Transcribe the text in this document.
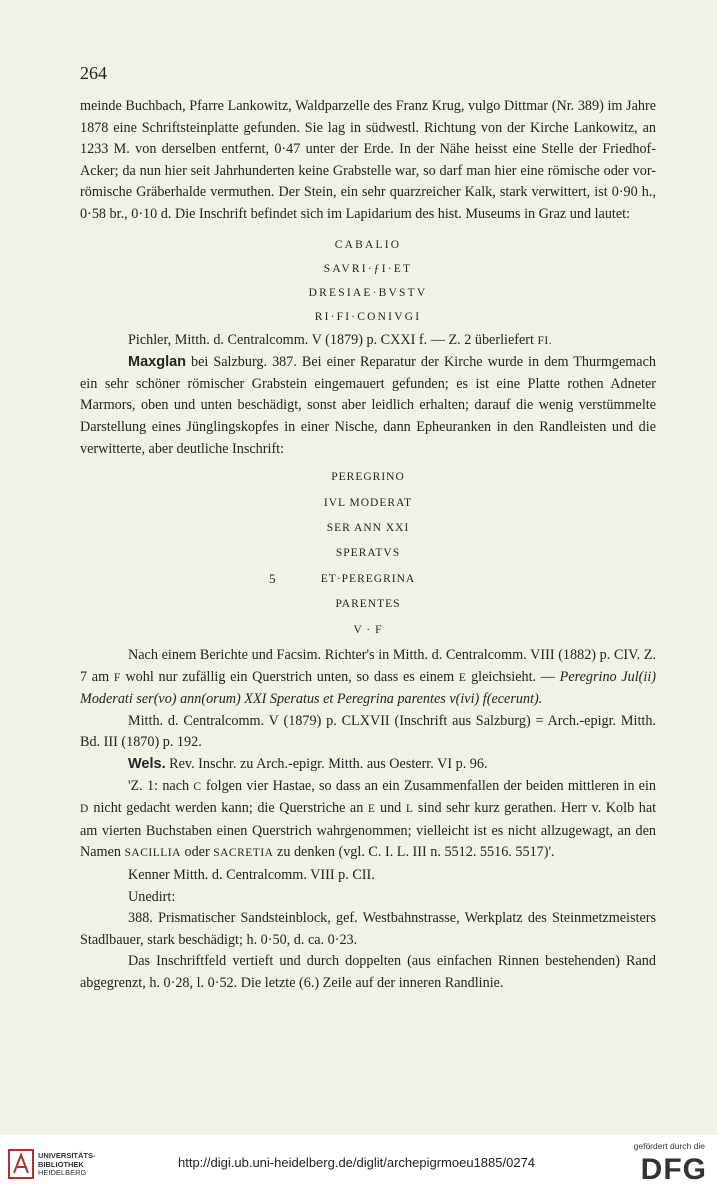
264

meinde Buchbach, Pfarre Lankowitz, Waldparzelle des Franz Krug, vulgo Dittmar (Nr. 389) im Jahre 1878 eine Schriftsteinplatte gefunden. Sie lag in südwestl. Richtung von der Kirche Lankowitz, an 1233 M. von derselben entfernt, 0·47 unter der Erde. In der Nähe heisst eine Stelle der Friedhof-Acker; da nun hier seit Jahrhunderten keine Grabstelle war, so darf man hier eine römische oder vor-römische Gräberhalde vermuthen. Der Stein, ein sehr quarzreicher Kalk, stark verwittert, ist 0·90 h., 0·58 br., 0·10 d. Die Inschrift befindet sich im Lapidarium des hist. Museums in Graz und lautet:

CABALIO
SAVRI·ƒI·ET
DRESIAE·BVSTV
RI·FI·CONIVGI

Pichler, Mitth. d. Centralcomm. V (1879) p. CXXI f. — Z. 2 überliefert FI.

Maxglan bei Salzburg. 387. Bei einer Reparatur der Kirche wurde in dem Thurmgemach ein sehr schöner römischer Grabstein eingemauert gefunden; es ist eine Platte rothen Adneter Marmors, oben und unten beschädigt, sonst aber leidlich erhalten; darauf die wenig verstümmelte Darstellung eines Jünglingskopfes in einer Nische, dann Epheuranken in den Randleisten und die verwitterte, aber deutliche Inschrift:

PEREGRINO
IVL MODERAT
SER ANN XXI
SPERATVS
5	ET·PEREGRINA
PARENTES
V · F

Nach einem Berichte und Facsim. Richter's in Mitth. d. Centralcomm. VIII (1882) p. CIV. Z. 7 am F wohl nur zufällig ein Querstrich unten, so dass es einem E gleichsieht. — Peregrino Jul(ii) Moderati ser(vo) ann(orum) XXI Speratus et Peregrina parentes v(ivi) f(ecerunt).

Mitth. d. Centralcomm. V (1879) p. CLXVII (Inschrift aus Salzburg) = Arch.-epigr. Mitth. Bd. III (1870) p. 192.

Wels. Rev. Inschr. zu Arch.-epigr. Mitth. aus Oesterr. VI p. 96.

'Z. 1: nach C folgen vier Hastae, so dass an ein Zusammenfallen der beiden mittleren in ein D nicht gedacht werden kann; die Querstriche an E und L sind sehr kurz gerathen. Herr v. Kolb hat am vierten Buchstaben einen Querstrich wahrgenommen; vielleicht ist es nicht allzugewagt, an den Namen SACILLIA oder SACRETIA zu denken (vgl. C. I. L. III n. 5512. 5516. 5517)'.

Kenner Mitth. d. Centralcomm. VIII p. CII.

Unedirt:

388. Prismatischer Sandsteinblock, gef. Westbahnstrasse, Werkplatz des Steinmetzmeisters Stadlbauer, stark beschädigt; h. 0·50, d. ca. 0·23.

Das Inschriftfeld vertieft und durch doppelten (aus einfachen Rinnen bestehenden) Rand abgegrenzt, h. 0·28, l. 0·52. Die letzte (6.) Zeile auf der inneren Randlinie.

UNIVERSITÄTS-
BIBLIOTHEK
HEIDELBERG
http://digi.ub.uni-heidelberg.de/diglit/archepigrmoeu1885/0274
gefördert durch die
DFG
